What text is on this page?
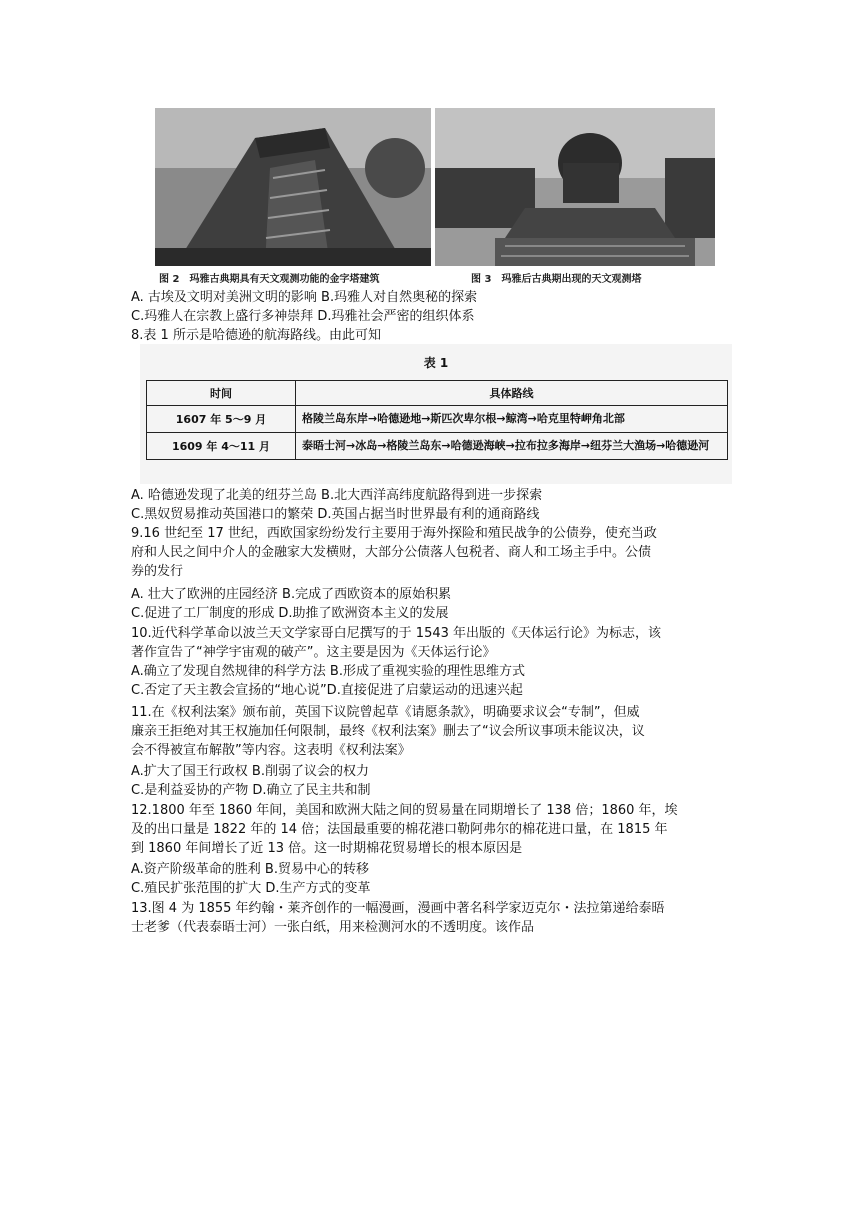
图 2　玛雅古典期具有天文观测功能的金字塔建筑	图 3　玛雅后古典期出现的天文观测塔
A. 古埃及文明对美洲文明的影响 B.玛雅人对自然奥秘的探索
C.玛雅人在宗教上盛行多神崇拜 D.玛雅社会严密的组织体系
8.表 1 所示是哈德逊的航海路线。由此可知
表 1
时间	具体路线
1607 年 5～9 月	格陵兰岛东岸→哈德逊地→斯匹次卑尔根→鲸湾→哈克里特岬角北部
1609 年 4～11 月	泰晤士河→冰岛→格陵兰岛东→哈德逊海峡→拉布拉多海岸→纽芬兰大渔场→哈德逊河
A. 哈德逊发现了北美的纽芬兰岛 B.北大西洋高纬度航路得到进一步探索
C.黑奴贸易推动英国港口的繁荣 D.英国占据当时世界最有利的通商路线
9.16 世纪至 17 世纪，西欧国家纷纷发行主要用于海外探险和殖民战争的公债券，使充当政
府和人民之间中介人的金融家大发横财，大部分公债落人包税者、商人和工场主手中。公债
券的发行
A. 壮大了欧洲的庄园经济 B.完成了西欧资本的原始积累
C.促进了工厂制度的形成 D.助推了欧洲资本主义的发展
10.近代科学革命以波兰天文学家哥白尼撰写的于 1543 年出版的《天体运行论》为标志，该
著作宣告了“神学宇宙观的破产”。这主要是因为《天体运行论》
A.确立了发现自然规律的科学方法 B.形成了重视实验的理性思维方式
C.否定了天主教会宣扬的“地心说”D.直接促进了启蒙运动的迅速兴起
11.在《权利法案》颁布前，英国下议院曾起草《请愿条款》，明确要求议会“专制”，但威
廉亲王拒绝对其王权施加任何限制，最终《权利法案》删去了“议会所议事项未能议决，议
会不得被宣布解散”等内容。这表明《权利法案》
A.扩大了国王行政权 B.削弱了议会的权力
C.是利益妥协的产物 D.确立了民主共和制
12.1800 年至 1860 年间，美国和欧洲大陆之间的贸易量在同期增长了 138 倍；1860 年，埃
及的出口量是 1822 年的 14 倍；法国最重要的棉花港口勒阿弗尔的棉花进口量，在 1815 年
到 1860 年间增长了近 13 倍。这一时期棉花贸易增长的根本原因是
A.资产阶级革命的胜利 B.贸易中心的转移
C.殖民扩张范围的扩大 D.生产方式的变革
13.图 4 为 1855 年约翰・莱齐创作的一幅漫画，漫画中著名科学家迈克尔・法拉第递给泰晤
士老爹（代表泰晤士河）一张白纸，用来检测河水的不透明度。该作品
